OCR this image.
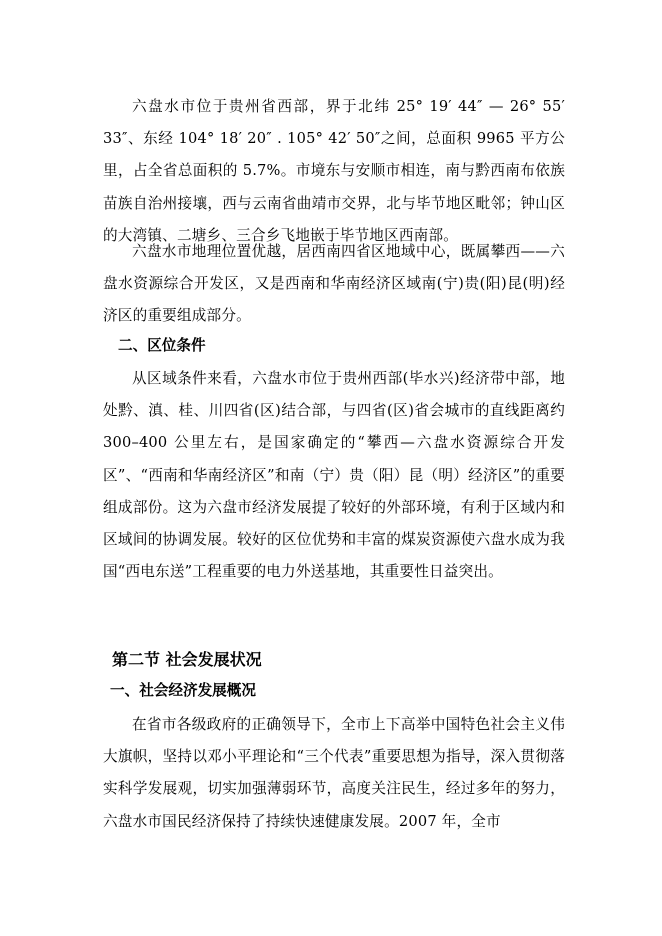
六盘水市位于贵州省西部，界于北纬 25° 19′ 44″ — 26° 55′ 33″、东经 104° 18′ 20″ . 105° 42′ 50″之间，总面积 9965 平方公里，占全省总面积的 5.7%。市境东与安顺市相连，南与黔西南布依族苗族自治州接壤，西与云南省曲靖市交界，北与毕节地区毗邻；钟山区的大湾镇、二塘乡、三合乡飞地嵌于毕节地区西南部。

六盘水市地理位置优越，居西南四省区地域中心，既属攀西——六盘水资源综合开发区，又是西南和华南经济区域南(宁)贵(阳)昆(明)经济区的重要组成部分。

二、区位条件

从区域条件来看，六盘水市位于贵州西部(毕水兴)经济带中部，地处黔、滇、桂、川四省(区)结合部，与四省(区)省会城市的直线距离约 300–400 公里左右，是国家确定的“攀西—六盘水资源综合开发区”、“西南和华南经济区”和南（宁）贵（阳）昆（明）经济区”的重要组成部份。这为六盘市经济发展提了较好的外部环境，有利于区域内和区域间的协调发展。较好的区位优势和丰富的煤炭资源使六盘水成为我国“西电东送”工程重要的电力外送基地，其重要性日益突出。

第二节 社会发展状况
一、社会经济发展概况

在省市各级政府的正确领导下，全市上下高举中国特色社会主义伟大旗帜，坚持以邓小平理论和“三个代表”重要思想为指导，深入贯彻落实科学发展观，切实加强薄弱环节，高度关注民生，经过多年的努力，六盘水市国民经济保持了持续快速健康发展。2007 年，全市
